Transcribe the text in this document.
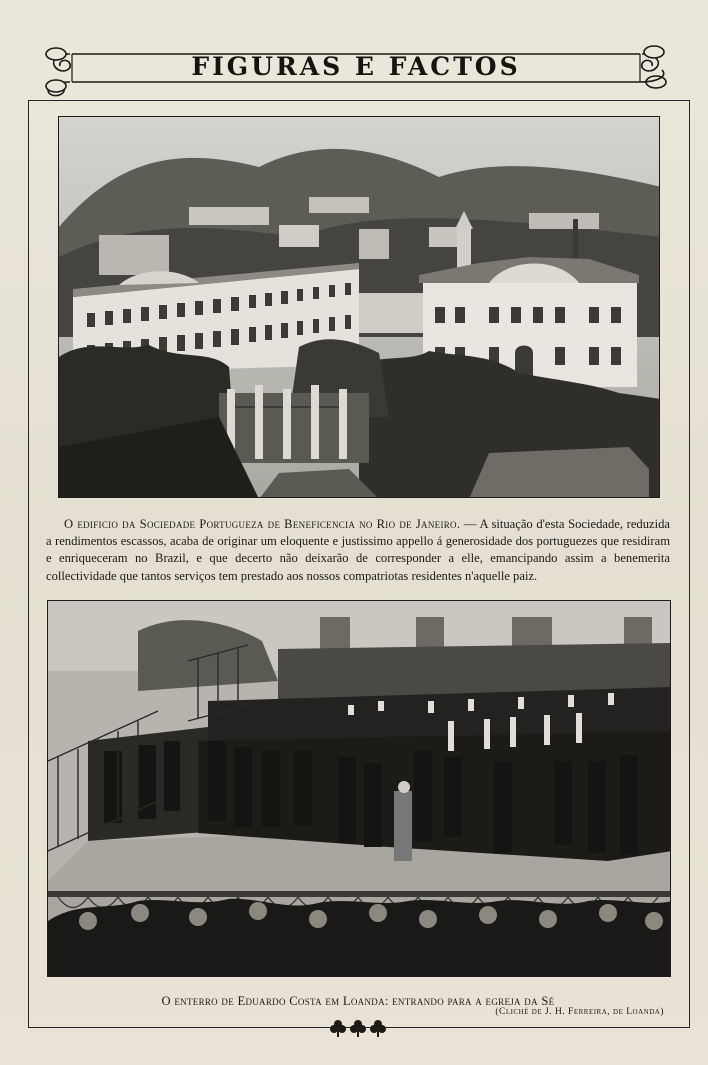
FIGURAS E FACTOS

O edificio da Sociedade Portugueza de Beneficencia no Rio de Janeiro. — A situação d'esta Sociedade, reduzida a rendimentos escassos, acaba de originar um eloquente e justissimo appello á generosidade dos portuguezes que residiram e enriqueceram no Brazil, e que decerto não deixarão de corresponder a elle, emancipando assim a benemerita collectividade que tantos serviços tem prestado aos nossos compatriotas residentes n'aquelle paiz.

O enterro de Eduardo Costa em Loanda: entrando para a egreja da Sé
(Cliché de J. H. Ferreira, de Loanda)
